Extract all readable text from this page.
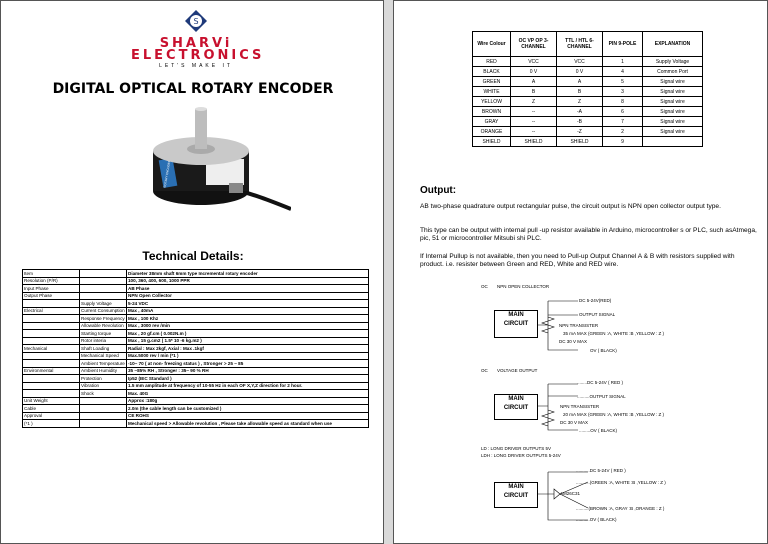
S
SHARVi
ELECTRONICS
LET'S MAKE IT
DIGITAL OPTICAL ROTARY ENCODER
ROTARY ENCODER
Technical Details:
Item		Diameter 38mm shaft 6mm type Incremental rotary encoder
Resolution (P/R)		100, 360, 400, 600, 1000 PPR
Input Phase		AB Phase
Output Phase		NPN Open Collector
	Supply Voltage	5-24 VDC
Electrical	Current Consumption	Max , 40mA
	Response Frequency	Max , 100 Khz
	Allowable Revolution	Max , 3000 rev /min
	Starting torque	Max , 20 gf.cm ( 0.002N.m )
	Rotor interia	Max , 15 g.cm2 ( 1.5* 10 -6 kg.m2 )
Mechanical	Shaft Loading	Radial : Max 2kgf, Axial : Max .1kgf
	Mechanical Speed	Max.5000 rev / min (*1 )
	Ambient Temperature	-10~ 70 ( at non- freezing status ) , Stronger > 25 ~ 85
Environmental	Ambient Humidity	35 ~85% RH , Stronger : 35~ 90 % RH
	Protection	Ip52 (IEC Standard )
	Vibration	1.5 mm amplitude at frequency of 10-55 Hz in each OF X,Y,Z direction for 2 hour.
	Shock	Max. 40G
Unit Weight		Approx :180g
Cable		2.0m (the cable length can be customized )
Approval		CE ROHS
(*1 )		Mechanical speed > Allowable revolution , Please take allowable speed as standard when use
Wire Colour	OC VP OP 3-CHANNEL	TTL / HTL 6- CHANNEL	PIN 9-POLE	EXPLANATION
RED	VCC	VCC	1	Supply Voltage
BLACK	0 V	0 V	4	Common Port
GREEN	A	A	5	Signal wire
WHITE	B	B	3	Signal wire
YELLOW	Z	Z	8	Signal wire
BROWN	--	-A	6	Signal wire
GRAY	--	-B	7	Signal wire
ORANGE	--	-Z	2	Signal wire
SHIELD	SHIELD	SHIELD	9	
Output:
AB two-phase quadrature output rectangular pulse, the circuit output is NPN open collector output type.
This type can be output with internal pull -up resistor available in Arduino, microcontroller s or PLC, such asAtmega, pic, 51 or microcontroller Mitsubi shi PLC.
If Internal Pullup is not available, then you need to Pull-up Output Channel A & B with resistors supplied with product. i.e. resister between Green and RED, White and RED wire.
OC NPN OPEN COLLECTOR
MAIN
CIRCUIT
DC 5-24V(RED)
OUTPUT SIGNAL
NPN TRANSISTER
35 mA MAX (GREEN :A, WHITE :B ,YELLOW : Z )
DC 30 V MAX
OV ( BLACK)
OC VOLTAGE OUTPUT
MAIN
CIRCUIT
........DC 5-24V ( RED )
..........OUTPUT SIGNAL
NPN TRANSISTER
20 mA MAX (GREEN :A, WHITE :B ,YELLOW : Z )
DC 30 V MAX
.........OV ( BLACK)
LD : LONG DRIVER OUTPUTS 5V
LDH : LONG DRIVER OUTPUTS 5-24V
MAIN
CIRCUIT
...........DC 5-24V ( RED )
...........(GREEN :A, WHITE :B ,YELLOW : Z )
AM26C31
..........(BROWN :A, GRAY :B ,ORANGE : Z )
...........OV ( BLACK)
